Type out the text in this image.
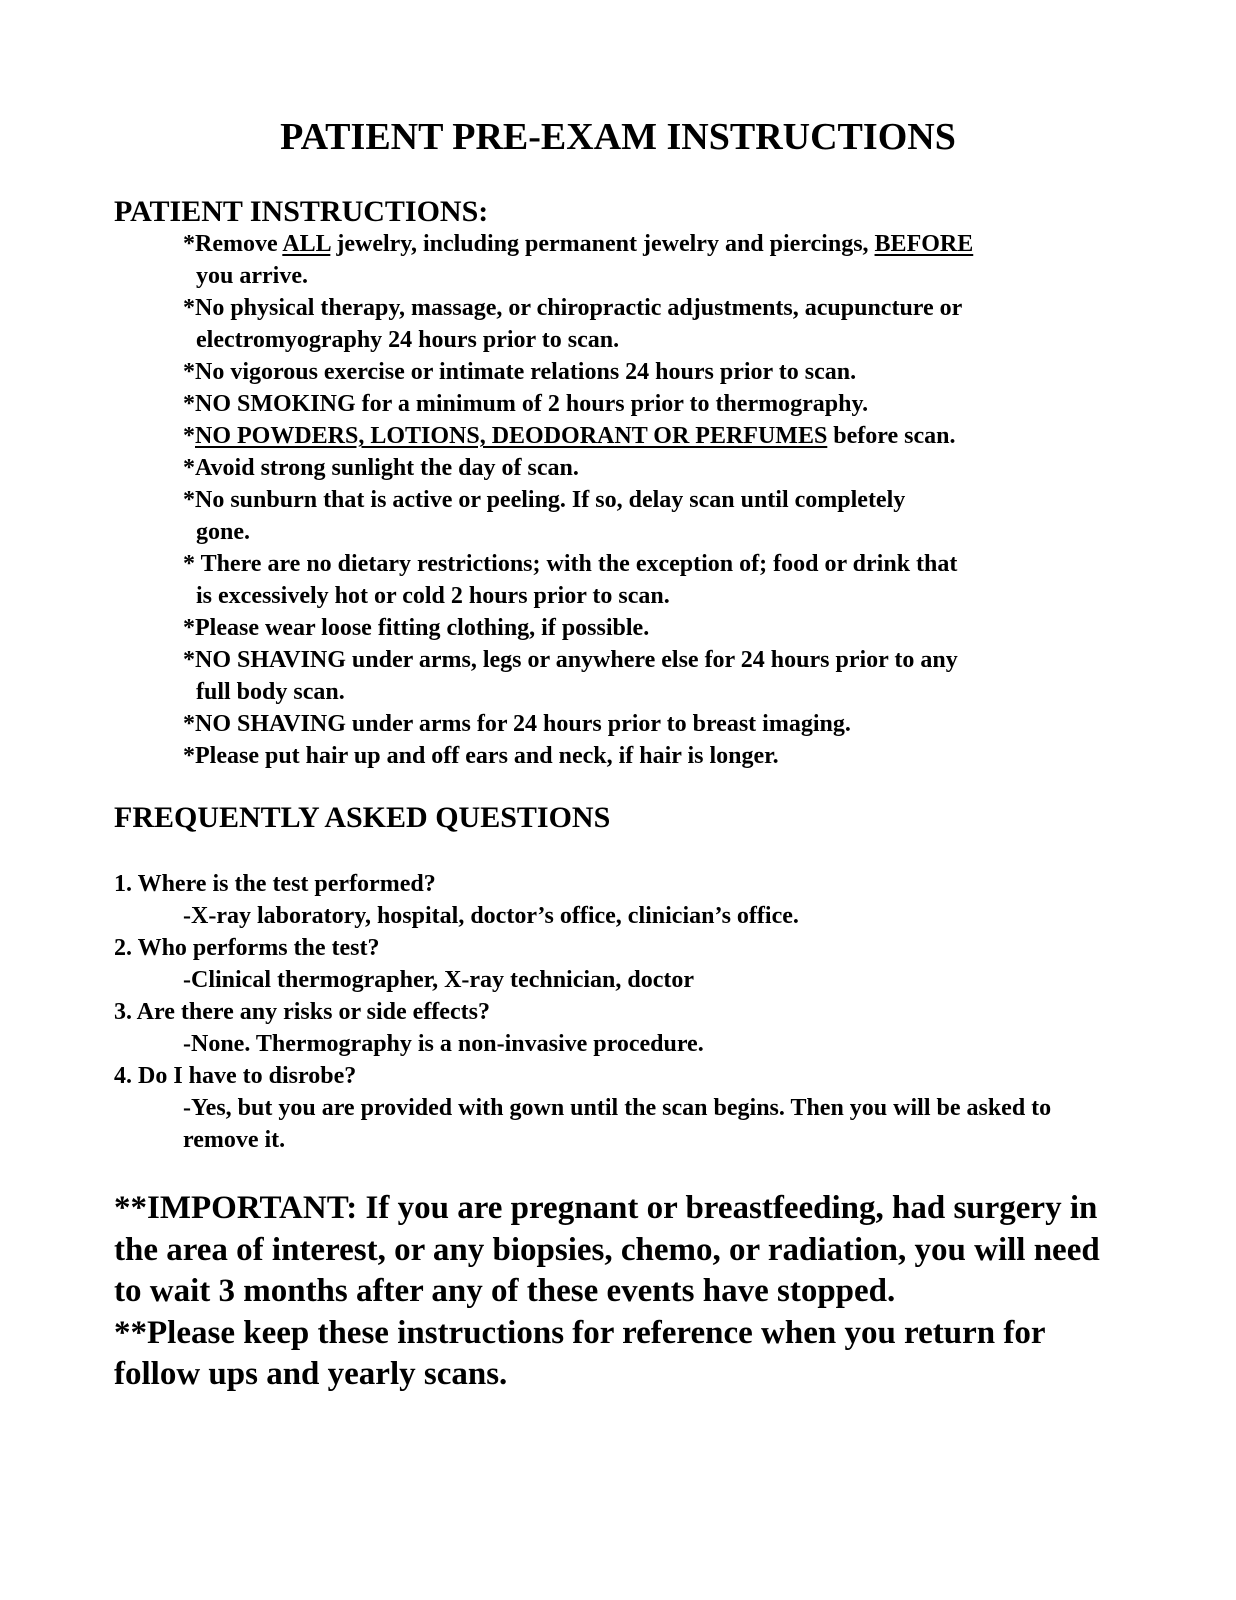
PATIENT PRE-EXAM INSTRUCTIONS
PATIENT INSTRUCTIONS:
*Remove ALL jewelry, including permanent jewelry and piercings, BEFORE
you arrive.
*No physical therapy, massage, or chiropractic adjustments, acupuncture or
electromyography 24 hours prior to scan.
*No vigorous exercise or intimate relations 24 hours prior to scan.
*NO SMOKING for a minimum of 2 hours prior to thermography.
*NO POWDERS, LOTIONS, DEODORANT OR PERFUMES before scan.
*Avoid strong sunlight the day of scan.
*No sunburn that is active or peeling. If so, delay scan until completely
gone.
* There are no dietary restrictions; with the exception of; food or drink that
is excessively hot or cold 2 hours prior to scan.
*Please wear loose fitting clothing, if possible.
*NO SHAVING under arms, legs or anywhere else for 24 hours prior to any
full body scan.
*NO SHAVING under arms for 24 hours prior to breast imaging.
*Please put hair up and off ears and neck, if hair is longer.
FREQUENTLY ASKED QUESTIONS
1. Where is the test performed?
-X-ray laboratory, hospital, doctor’s office, clinician’s office.
2. Who performs the test?
-Clinical thermographer, X-ray technician, doctor
3. Are there any risks or side effects?
-None. Thermography is a non-invasive procedure.
4. Do I have to disrobe?
-Yes, but you are provided with gown until the scan begins. Then you will be asked to remove it.
**IMPORTANT: If you are pregnant or breastfeeding, had surgery in the area of interest, or any biopsies, chemo, or radiation, you will need to wait 3 months after any of these events have stopped.
**Please keep these instructions for reference when you return for follow ups and yearly scans.
